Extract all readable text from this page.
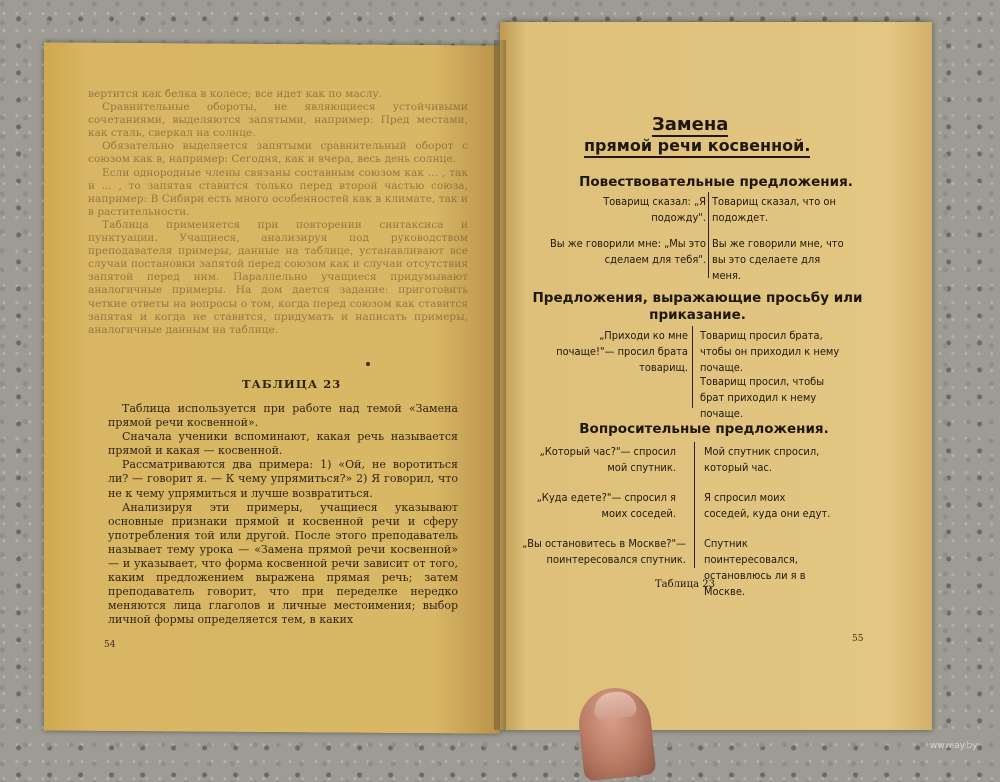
вертится как белка в колесе; все идет как по маслу.

Сравнительные обороты, не являющиеся устойчивыми сочетаниями, выделяются запятыми, например: Пред местами, как сталь, сверкал на солнце.

Обязательно выделяется запятыми сравнительный оборот с союзом как в, например: Сегодня, как и вчера, весь день солнце.

Если однородные члены связаны составным союзом как ... , так и ... , то запятая ставится только перед второй частью союза, например: В Сибири есть много особенностей как в климате, так и в растительности.

Таблица применяется при повторении синтаксиса и пунктуации. Учащиеся, анализируя под руководством преподавателя примеры, данные на таблице, устанавливают все случаи постановки запятой перед союзом как и случаи отсутствия запятой перед ним. Параллельно учащиеся придумывают аналогичные примеры. На дом дается задание: приготовить четкие ответы на вопросы о том, когда перед союзом как ставится запятая и когда не ставится, придумать и написать примеры, аналогичные данным на таблице.

ТАБЛИЦА 23

Таблица используется при работе над темой «Замена прямой речи косвенной».

Сначала ученики вспоминают, какая речь называется прямой и какая — косвенной.

Рассматриваются два примера: 1) «Ой, не воротиться ли? — говорит я. — К чему упрямиться?» 2) Я говорил, что не к чему упрямиться и лучше возвратиться.

Анализируя эти примеры, учащиеся указывают основные признаки прямой и косвенной речи и сферу употребления той или другой. После этого преподаватель называет тему урока — «Замена прямой речи косвенной» — и указывает, что форма косвенной речи зависит от того, каким предложением выражена прямая речь; затем преподаватель говорит, что при переделке нередко меняются лица глаголов и личные местоимения; выбор личной формы определяется тем, в каких

54
Замена
прямой речи косвенной.
Повествовательные предложения.
Товарищ сказал: „Я подожду".
Вы же говорили мне: „Мы это сделаем для тебя".
Товарищ сказал, что он подождет.
Вы же говорили мне, что вы это сделаете для меня.
Предложения, выражающие просьбу или приказание.
„Приходи ко мне почаще!"— просил брата товарищ.
Товарищ просил брата, чтобы он приходил к нему почаще.
Товарищ просил, чтобы брат приходил к нему почаще.
Вопросительные предложения.
„Который час?"— спросил мой спутник.
„Куда едете?"— спросил я моих соседей.
„Вы остановитесь в Москве?"— поинтересовался спутник.
Мой спутник спросил, который час.
Я спросил моих соседей, куда они едут.
Спутник поинтересовался, остановлюсь ли я в Москве.
Таблица 23
55
www.ay.by
